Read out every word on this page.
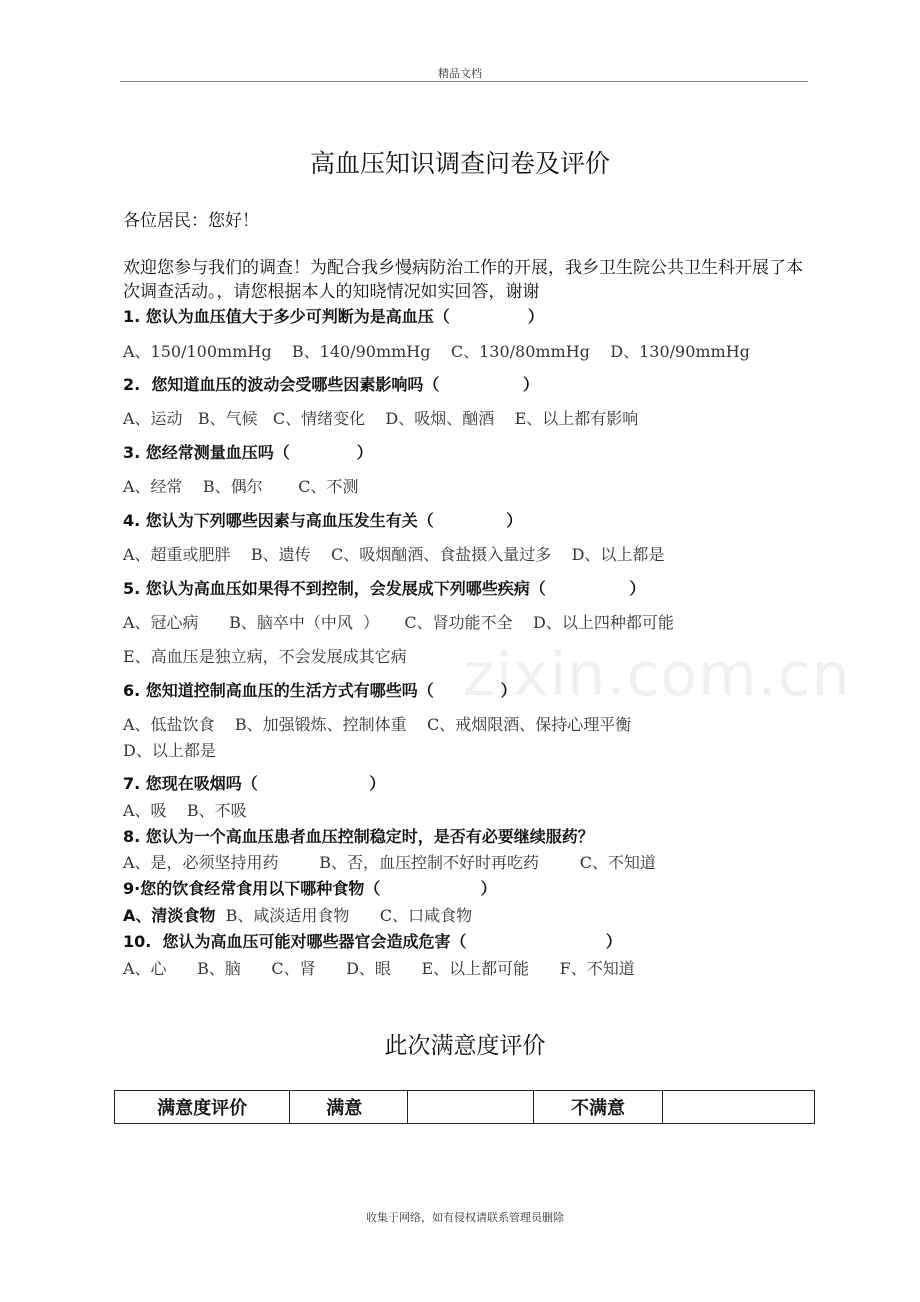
精品文档
高血压知识调查问卷及评价
各位居民：您好！
欢迎您参与我们的调查！为配合我乡慢病防治工作的开展，我乡卫生院公共卫生科开展了本次调查活动。，请您根据本人的知晓情况如实回答，谢谢
zixin.com.cn
1. 您认为血压值大于多少可判断为是高血压（              ）
A、150/100mmHg    B、140/90mmHg    C、130/80mmHg    D、130/90mmHg
2.  您知道血压的波动会受哪些因素影响吗（               ）
A、运动   B、气候   C、情绪变化    D、吸烟、酗酒    E、以上都有影响
3. 您经常测量血压吗（            ）
A、经常    B、偶尔       C、不测
4. 您认为下列哪些因素与高血压发生有关（             ）
A、超重或肥胖    B、遗传    C、吸烟酗酒、食盐摄入量过多    D、以上都是
5. 您认为高血压如果得不到控制，会发展成下列哪些疾病（               ）
A、冠心病      B、脑卒中（中风  ）     C、肾功能不全    D、以上四种都可能
E、高血压是独立病，不会发展成其它病
6. 您知道控制高血压的生活方式有哪些吗（            ）
A、低盐饮食    B、加强锻炼、控制体重    C、戒烟限酒、保持心理平衡
D、以上都是
7. 您现在吸烟吗（                    ）
A、吸    B、不吸
8. 您认为一个高血压患者血压控制稳定时，是否有必要继续服药？
A、是，必须坚持用药        B、否，血压控制不好时再吃药        C、不知道
9·您的饮食经常食用以下哪种食物（                  ）
A、清淡食物  B、咸淡适用食物      C、口咸食物
10.  您认为高血压可能对哪些器官会造成危害（                         ）
A、心      B、脑      C、肾      D、眼      E、以上都可能      F、不知道
此次满意度评价
满意度评价	满意		不满意	
收集于网络，如有侵权请联系管理员删除
